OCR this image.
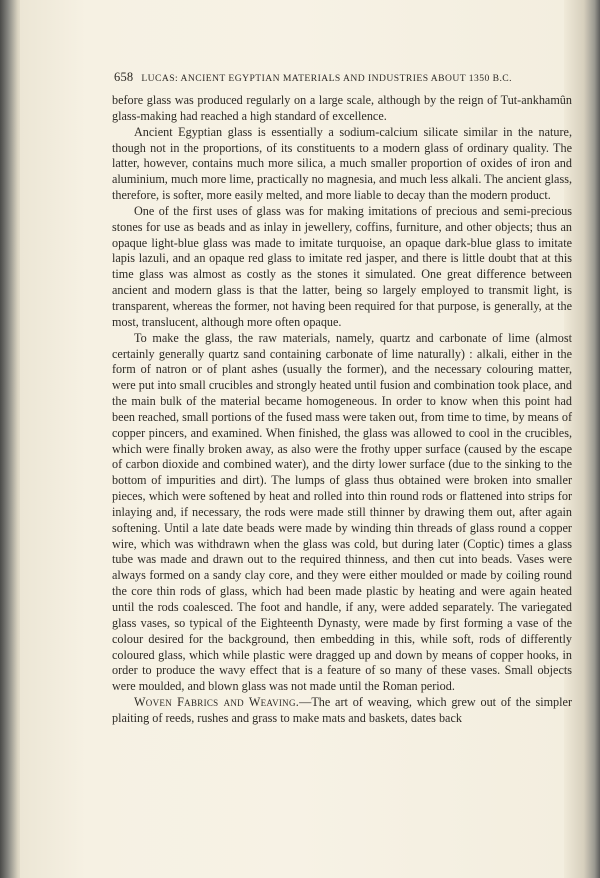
658 LUCAS: ANCIENT EGYPTIAN MATERIALS AND INDUSTRIES ABOUT 1350 B.C.

before glass was produced regularly on a large scale, although by the reign of Tut-ankhamûn glass-making had reached a high standard of excellence.

Ancient Egyptian glass is essentially a sodium-calcium silicate similar in the nature, though not in the proportions, of its constituents to a modern glass of ordinary quality. The latter, however, contains much more silica, a much smaller proportion of oxides of iron and aluminium, much more lime, practically no magnesia, and much less alkali. The ancient glass, therefore, is softer, more easily melted, and more liable to decay than the modern product.

One of the first uses of glass was for making imitations of precious and semi-precious stones for use as beads and as inlay in jewellery, coffins, furniture, and other objects; thus an opaque light-blue glass was made to imitate turquoise, an opaque dark-blue glass to imitate lapis lazuli, and an opaque red glass to imitate red jasper, and there is little doubt that at this time glass was almost as costly as the stones it simulated. One great difference between ancient and modern glass is that the latter, being so largely employed to transmit light, is transparent, whereas the former, not having been required for that purpose, is generally, at the most, translucent, although more often opaque.

To make the glass, the raw materials, namely, quartz and carbonate of lime (almost certainly generally quartz sand containing carbonate of lime naturally) : alkali, either in the form of natron or of plant ashes (usually the former), and the necessary colouring matter, were put into small crucibles and strongly heated until fusion and combination took place, and the main bulk of the material became homogeneous. In order to know when this point had been reached, small portions of the fused mass were taken out, from time to time, by means of copper pincers, and examined. When finished, the glass was allowed to cool in the crucibles, which were finally broken away, as also were the frothy upper surface (caused by the escape of carbon dioxide and combined water), and the dirty lower surface (due to the sinking to the bottom of impurities and dirt). The lumps of glass thus obtained were broken into smaller pieces, which were softened by heat and rolled into thin round rods or flattened into strips for inlaying and, if necessary, the rods were made still thinner by drawing them out, after again softening. Until a late date beads were made by winding thin threads of glass round a copper wire, which was withdrawn when the glass was cold, but during later (Coptic) times a glass tube was made and drawn out to the required thinness, and then cut into beads. Vases were always formed on a sandy clay core, and they were either moulded or made by coiling round the core thin rods of glass, which had been made plastic by heating and were again heated until the rods coalesced. The foot and handle, if any, were added separately. The variegated glass vases, so typical of the Eighteenth Dynasty, were made by first forming a vase of the colour desired for the background, then embedding in this, while soft, rods of differently coloured glass, which while plastic were dragged up and down by means of copper hooks, in order to produce the wavy effect that is a feature of so many of these vases. Small objects were moulded, and blown glass was not made until the Roman period.

Woven Fabrics and Weaving.—The art of weaving, which grew out of the simpler plaiting of reeds, rushes and grass to make mats and baskets, dates back
